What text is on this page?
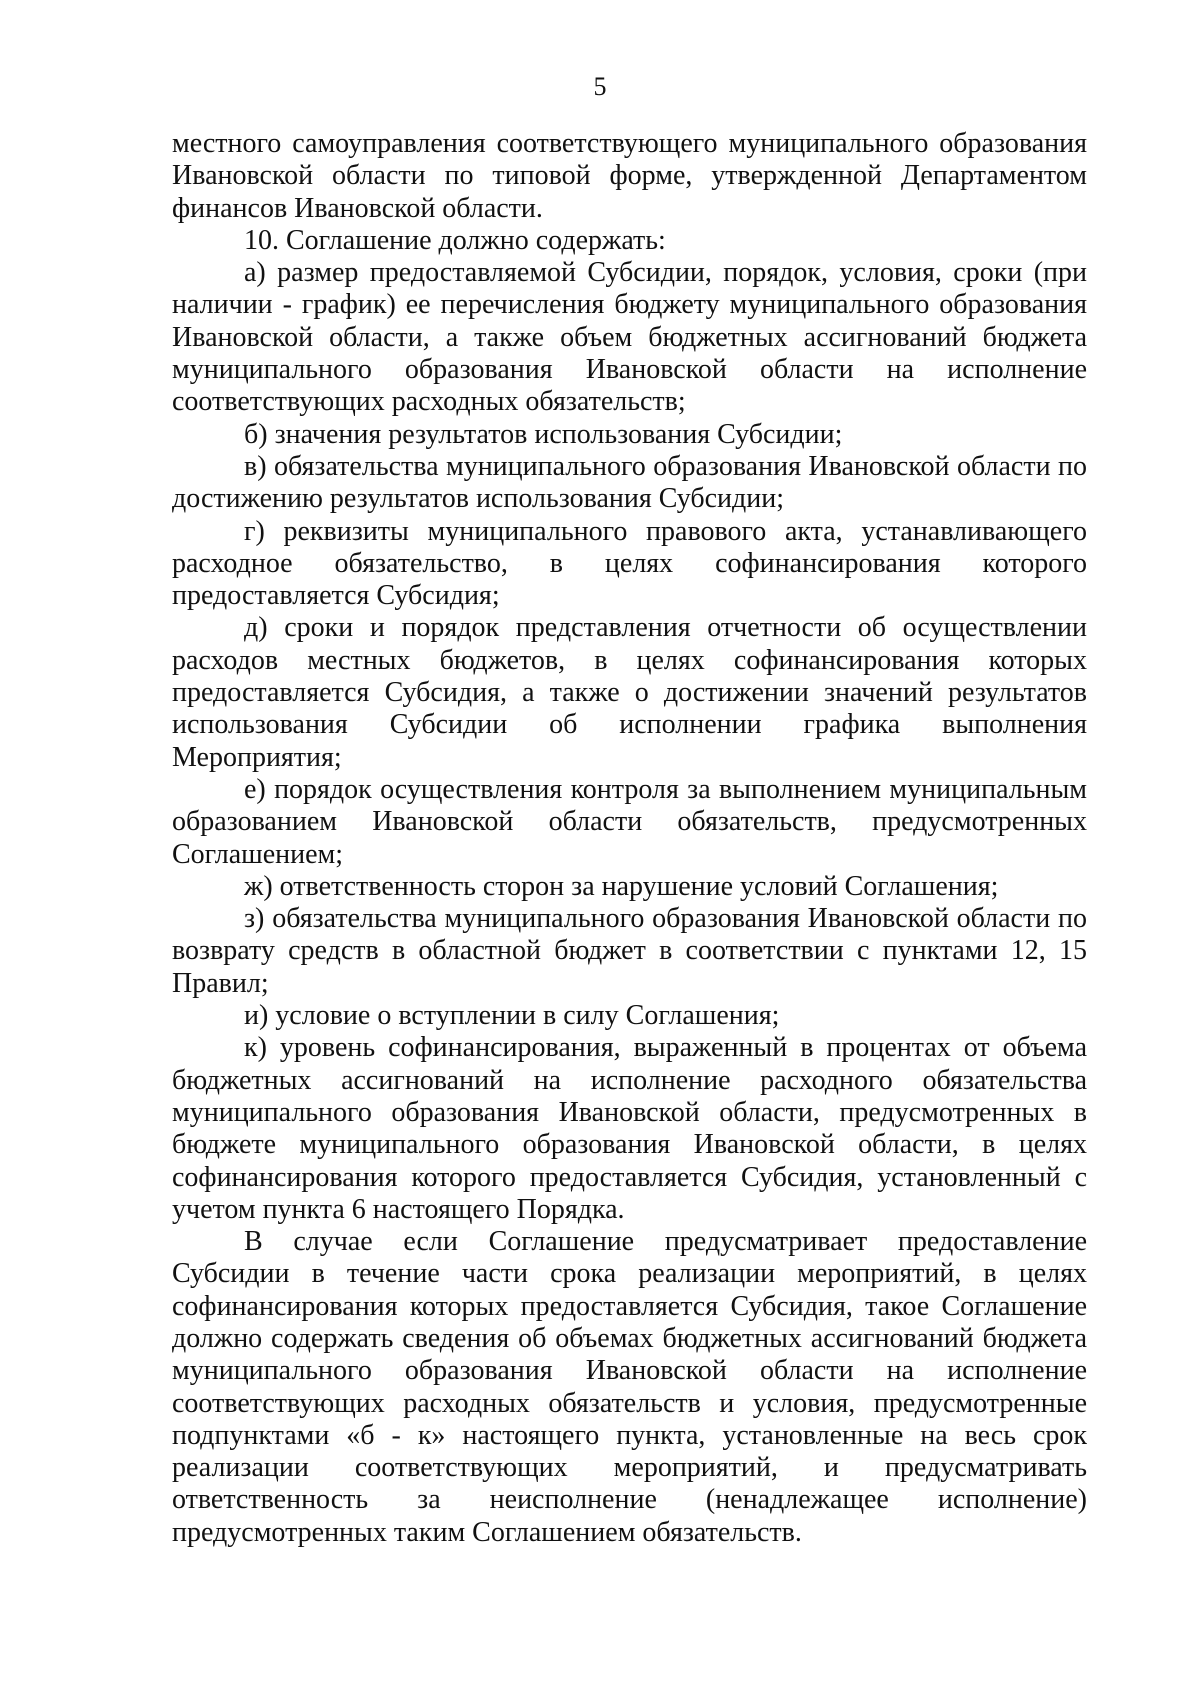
5

местного самоуправления соответствующего муниципального образования Ивановской области по типовой форме, утвержденной Департаментом финансов Ивановской области.

10. Соглашение должно содержать:

а) размер предоставляемой Субсидии, порядок, условия, сроки (при наличии - график) ее перечисления бюджету муниципального образования Ивановской области, а также объем бюджетных ассигнований бюджета муниципального образования Ивановской области на исполнение соответствующих расходных обязательств;

б) значения результатов использования Субсидии;

в) обязательства муниципального образования Ивановской области по достижению результатов использования Субсидии;

г) реквизиты муниципального правового акта, устанавливающего расходное обязательство, в целях софинансирования которого предоставляется Субсидия;

д) сроки и порядок представления отчетности об осуществлении расходов местных бюджетов, в целях софинансирования которых предоставляется Субсидия, а также о достижении значений результатов использования Субсидии об исполнении графика выполнения Мероприятия;

е) порядок осуществления контроля за выполнением муниципальным образованием Ивановской области обязательств, предусмотренных Соглашением;

ж) ответственность сторон за нарушение условий Соглашения;

з) обязательства муниципального образования Ивановской области по возврату средств в областной бюджет в соответствии с пунктами 12, 15 Правил;

и) условие о вступлении в силу Соглашения;

к) уровень софинансирования, выраженный в процентах от объема бюджетных ассигнований на исполнение расходного обязательства муниципального образования Ивановской области, предусмотренных в бюджете муниципального образования Ивановской области, в целях софинансирования которого предоставляется Субсидия, установленный с учетом пункта 6 настоящего Порядка.

В случае если Соглашение предусматривает предоставление Субсидии в течение части срока реализации мероприятий, в целях софинансирования которых предоставляется Субсидия, такое Соглашение должно содержать сведения об объемах бюджетных ассигнований бюджета муниципального образования Ивановской области на исполнение соответствующих расходных обязательств и условия, предусмотренные подпунктами «б - к» настоящего пункта, установленные на весь срок реализации соответствующих мероприятий, и предусматривать ответственность за неисполнение (ненадлежащее исполнение) предусмотренных таким Соглашением обязательств.
